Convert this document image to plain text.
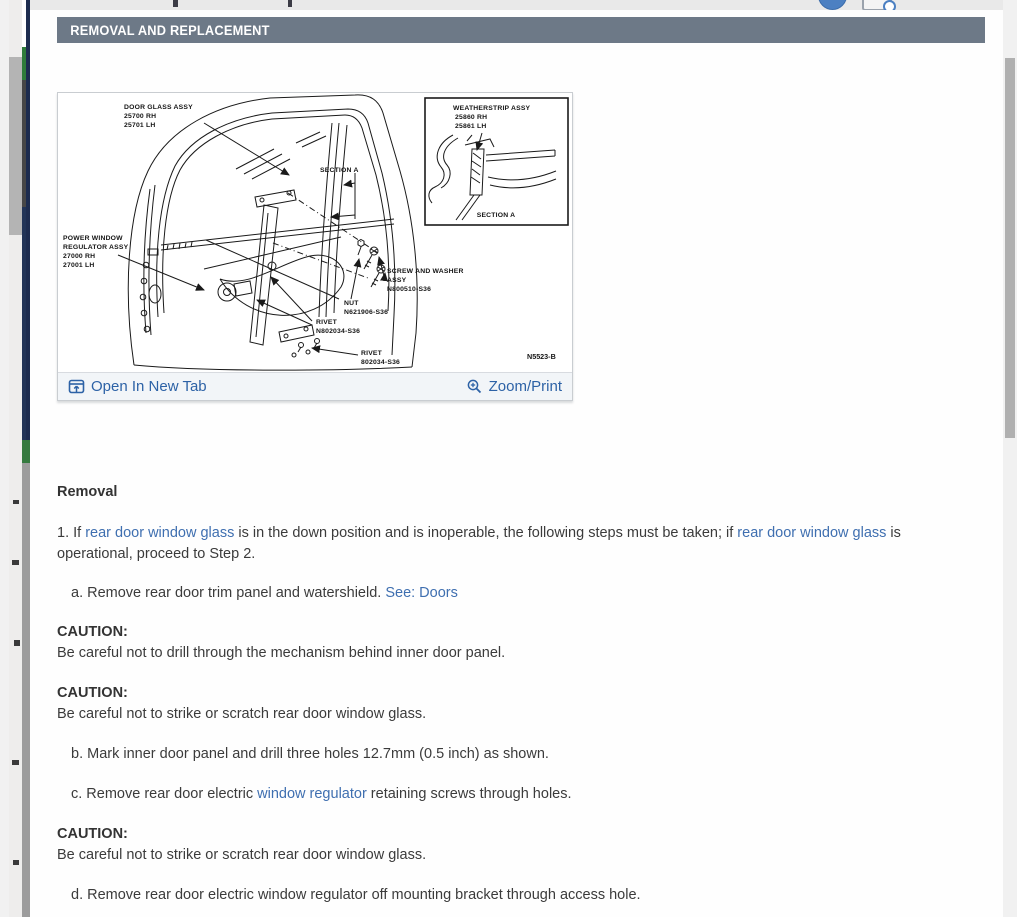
REMOVAL AND REPLACEMENT
WEATHERSTRIP ASSY
25860 RH
25861 LH
SECTION A
DOOR GLASS ASSY
25700 RH
25701 LH
SECTION A
POWER WINDOW
REGULATOR ASSY
27000 RH
27001 LH
SCREW AND WASHER
ASSY
N800510-S36
NUT
N621906-S36
RIVET
N802034-S36
RIVET
802034-S36
N5523-B
Open In New Tab	Zoom/Print
Removal
1. If rear door window glass is in the down position and is inoperable, the following steps must be taken; if rear door window glass is operational, proceed to Step 2.
a. Remove rear door trim panel and watershield. See: Doors
CAUTION:
Be careful not to drill through the mechanism behind inner door panel.
CAUTION:
Be careful not to strike or scratch rear door window glass.
b. Mark inner door panel and drill three holes 12.7mm (0.5 inch) as shown.
c. Remove rear door electric window regulator retaining screws through holes.
CAUTION:
Be careful not to strike or scratch rear door window glass.
d. Remove rear door electric window regulator off mounting bracket through access hole.
